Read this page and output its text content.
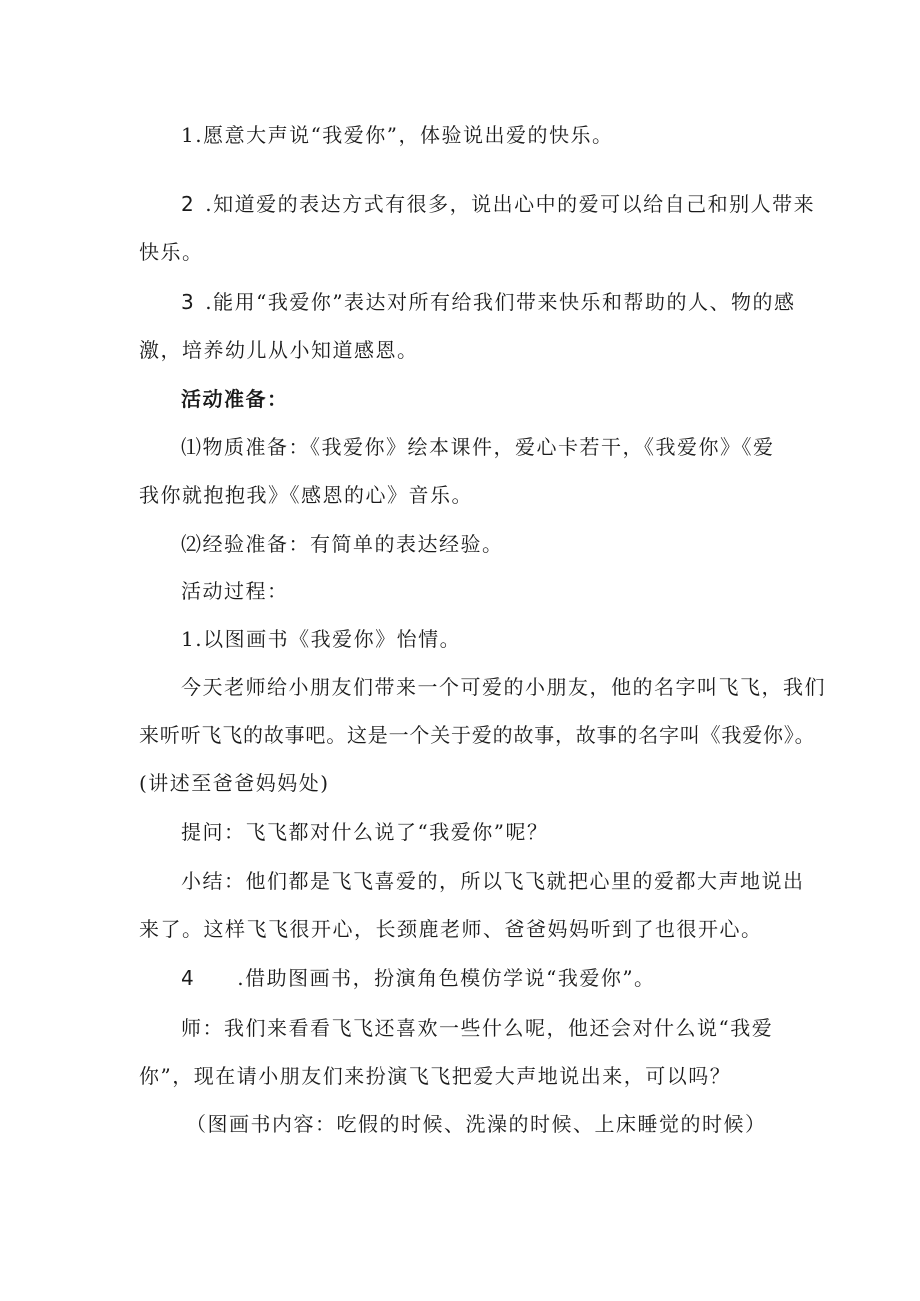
1.愿意大声说“我爱你”，体验说出爱的快乐。
2 .知道爱的表达方式有很多，说出心中的爱可以给自己和别人带来
快乐。
3 .能用“我爱你”表达对所有给我们带来快乐和帮助的人、物的感
激，培养幼儿从小知道感恩。
活动准备：
⑴物质准备：《我爱你》绘本课件，爱心卡若干，《我爱你》《爱
我你就抱抱我》《感恩的心》音乐。
⑵经验准备：有简单的表达经验。
活动过程：
1.以图画书《我爱你》怡情。
今天老师给小朋友们带来一个可爱的小朋友，他的名字叫飞飞，我们
来听听飞飞的故事吧。这是一个关于爱的故事，故事的名字叫《我爱你》。
(讲述至爸爸妈妈处)
提问：飞飞都对什么说了“我爱你”呢？
小结：他们都是飞飞喜爱的，所以飞飞就把心里的爱都大声地说出
来了。这样飞飞很开心，长颈鹿老师、爸爸妈妈听到了也很开心。
4 .借助图画书，扮演角色模仿学说“我爱你”。
师：我们来看看飞飞还喜欢一些什么呢，他还会对什么说“我爱
你”，现在请小朋友们来扮演飞飞把爱大声地说出来，可以吗？
（图画书内容：吃假的时候、洗澡的时候、上床睡觉的时候）
